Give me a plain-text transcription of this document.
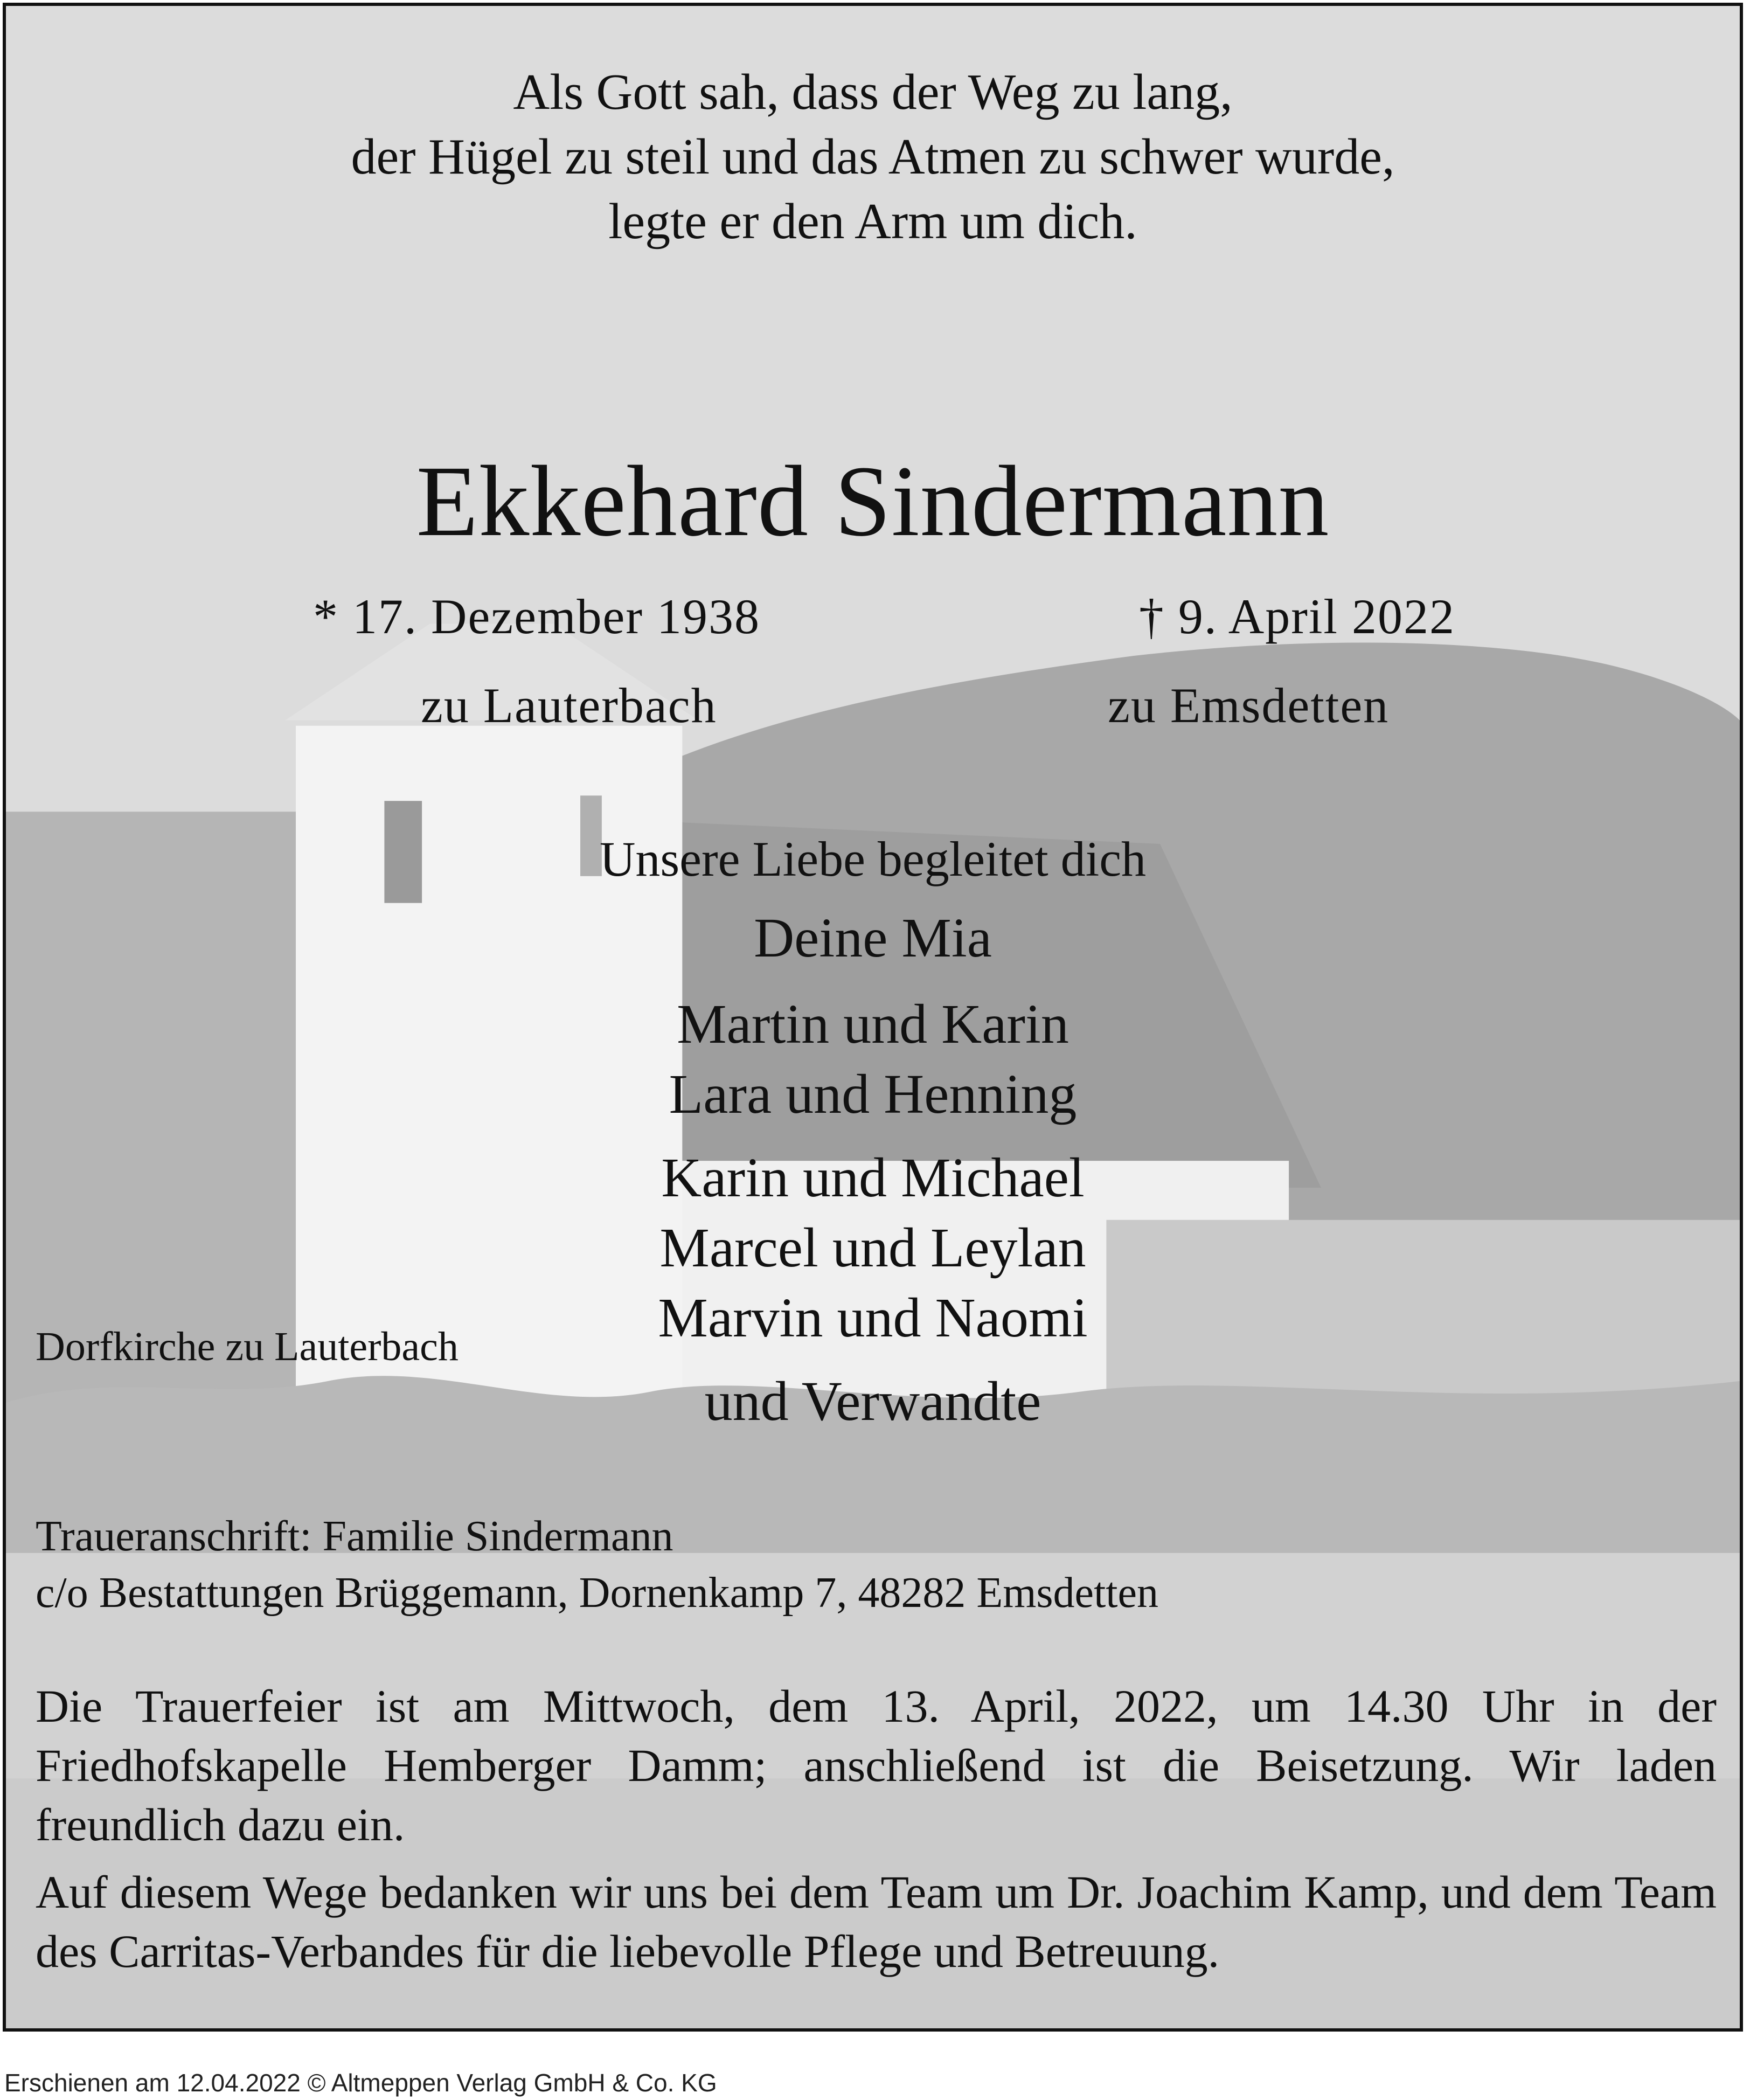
Als Gott sah, dass der Weg zu lang,
der Hügel zu steil und das Atmen zu schwer wurde,
legte er den Arm um dich.
Ekkehard Sindermann
* 17. Dezember 1938	† 9. April 2022
zu Lauterbach	zu Emsdetten
Unsere Liebe begleitet dich
Deine Mia
Martin und Karin
Lara und Henning
Karin und Michael
Marcel und Leylan
Marvin und Naomi
und Verwandte
Dorfkirche zu Lauterbach
Traueranschrift: Familie Sindermann
c/o Bestattungen Brüggemann, Dornenkamp 7, 48282 Emsdetten
Die Trauerfeier ist am Mittwoch, dem 13. April, 2022, um 14.30 Uhr in der Friedhofskapelle Hemberger Damm; anschließend ist die Beisetzung. Wir laden freundlich dazu ein.
Auf diesem Wege bedanken wir uns bei dem Team um Dr. Joachim Kamp, und dem Team des Carritas-Verbandes für die liebevolle Pflege und Betreuung.
Erschienen am 12.04.2022 © Altmeppen Verlag GmbH & Co. KG
